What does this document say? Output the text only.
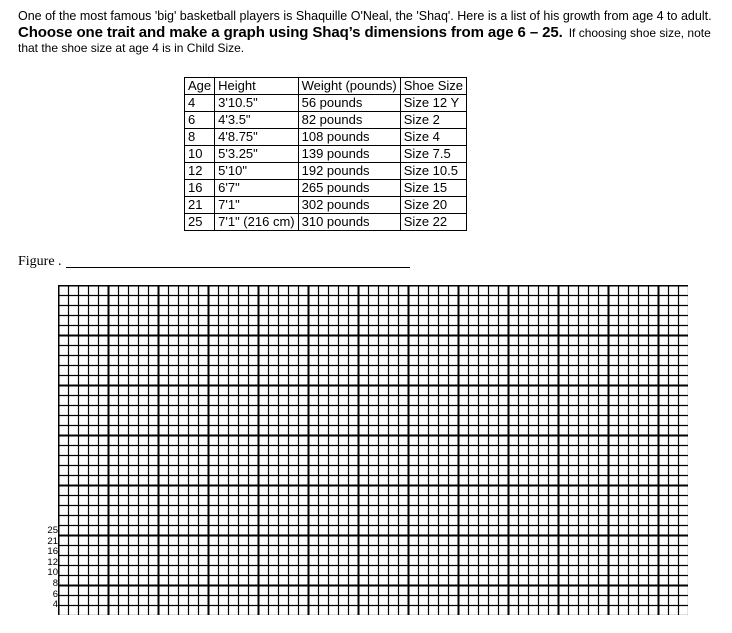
One of the most famous 'big' basketball players is Shaquille O'Neal, the 'Shaq'. Here is a list of his growth from age 4 to adult.
Choose one trait and make a graph using Shaq’s dimensions from age 6 – 25. If choosing shoe size, note
that the shoe size at age 4 is in Child Size.
Age	Height	Weight (pounds)	Shoe Size
4	3'10.5"	56 pounds	Size 12 Y
6	4'3.5"	82 pounds	Size 2
8	4'8.75"	108 pounds	Size 4
10	5'3.25"	139 pounds	Size 7.5
12	5'10"	192 pounds	Size 10.5
16	6'7"	265 pounds	Size 15
21	7'1"	302 pounds	Size 20
25	7'1" (216 cm)	310 pounds	Size 22
Figure .
25
21
16
12
10
8
6
4
